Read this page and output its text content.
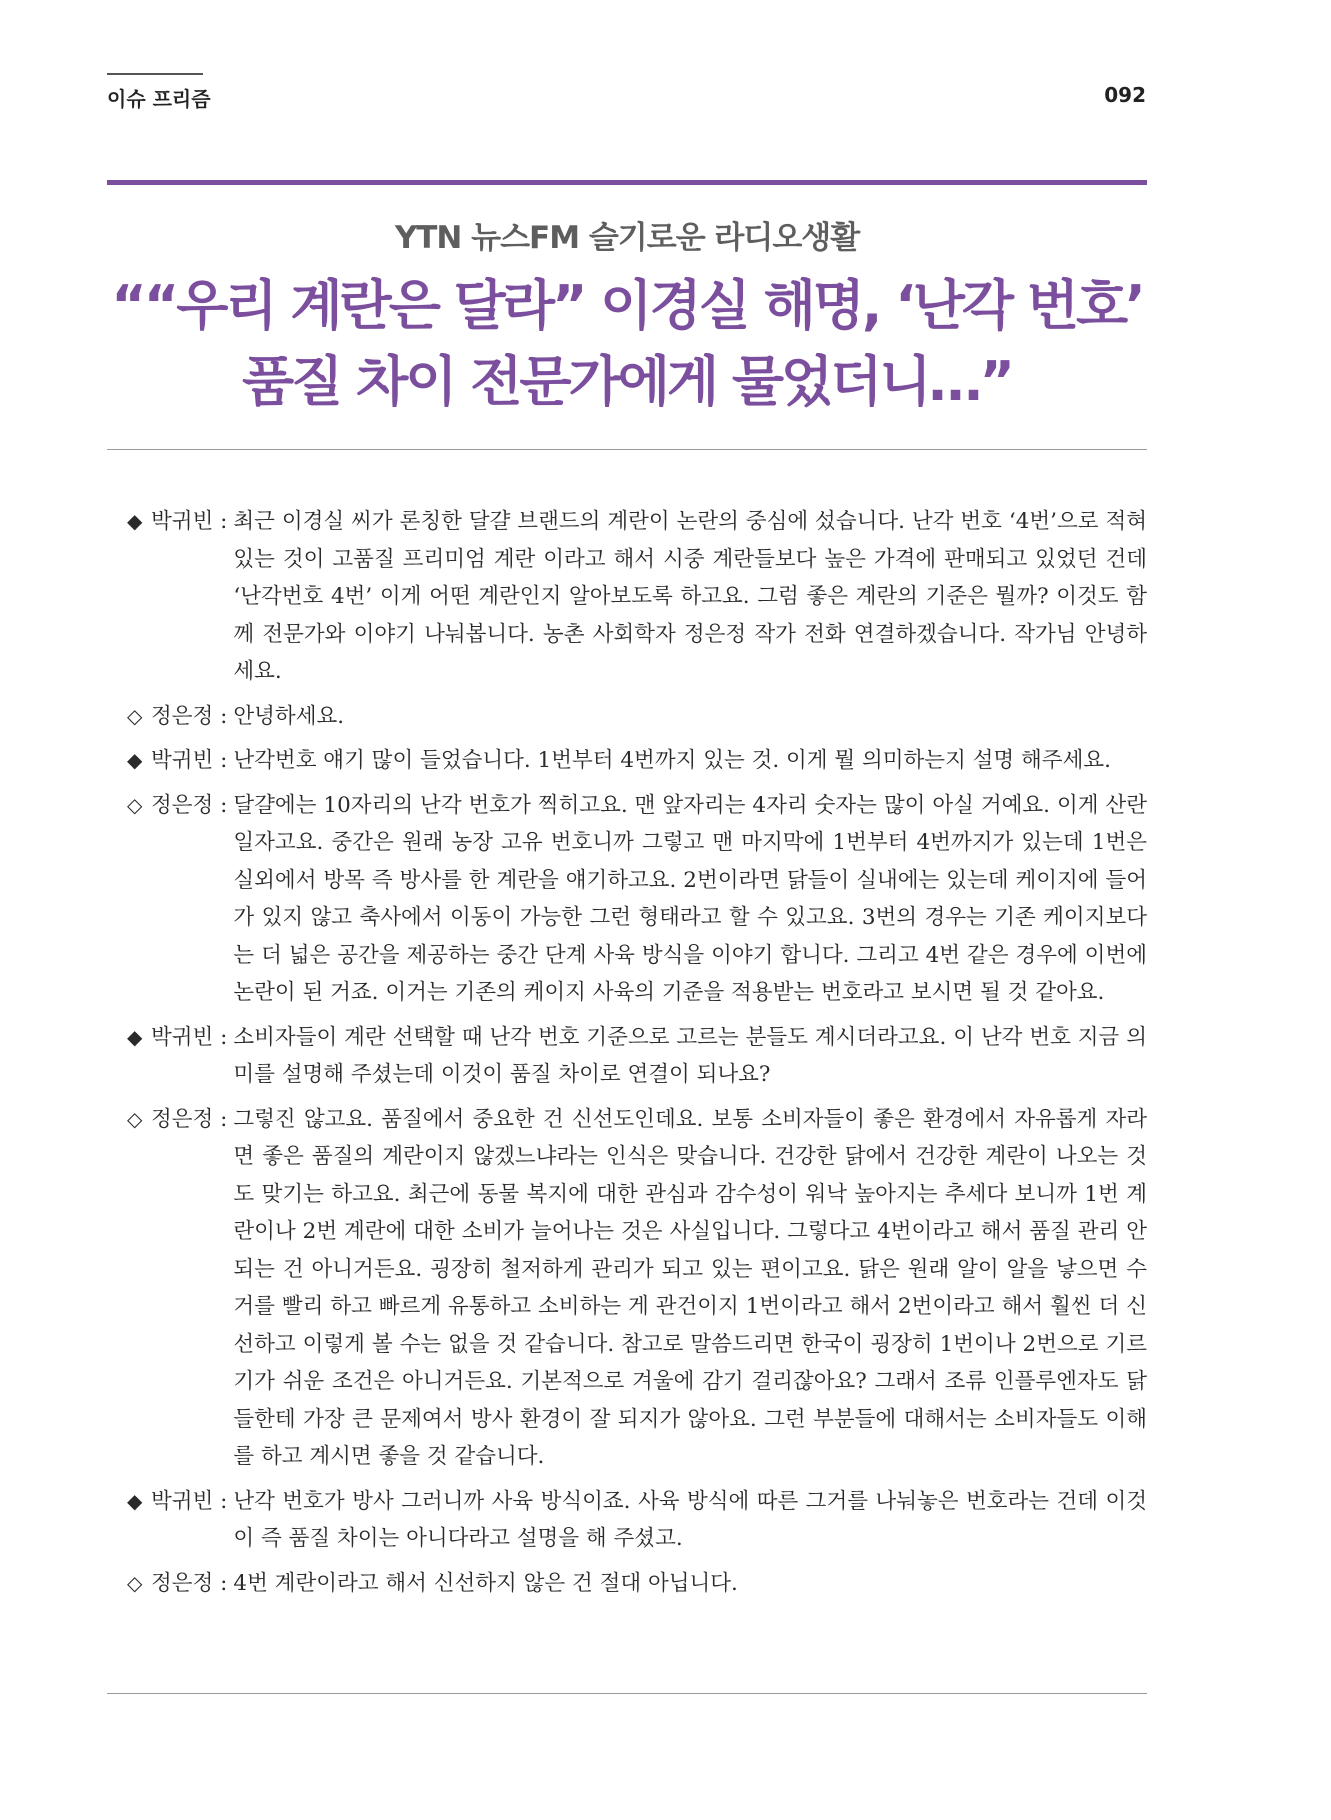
이슈 프리즘	092
YTN 뉴스FM 슬기로운 라디오생활
““우리 계란은 달라” 이경실 해명, ‘난각 번호’
품질 차이 전문가에게 물었더니…”
◆ 박귀빈 : 최근 이경실 씨가 론칭한 달걀 브랜드의 계란이 논란의 중심에 섰습니다. 난각 번호 ‘4번’으로 적혀 있는 것이 고품질 프리미엄 계란 이라고 해서 시중 계란들보다 높은 가격에 판매되고 있었던 건데 ‘난각번호 4번’ 이게 어떤 계란인지 알아보도록 하고요. 그럼 좋은 계란의 기준은 뭘까? 이것도 함께 전문가와 이야기 나눠봅니다. 농촌 사회학자 정은정 작가 전화 연결하겠습니다. 작가님 안녕하세요.
◇ 정은정 : 안녕하세요.
◆ 박귀빈 : 난각번호 얘기 많이 들었습니다. 1번부터 4번까지 있는 것. 이게 뭘 의미하는지 설명 해주세요.
◇ 정은정 : 달걀에는 10자리의 난각 번호가 찍히고요. 맨 앞자리는 4자리 숫자는 많이 아실 거예요. 이게 산란 일자고요. 중간은 원래 농장 고유 번호니까 그렇고 맨 마지막에 1번부터 4번까지가 있는데 1번은 실외에서 방목 즉 방사를 한 계란을 얘기하고요. 2번이라면 닭들이 실내에는 있는데 케이지에 들어가 있지 않고 축사에서 이동이 가능한 그런 형태라고 할 수 있고요. 3번의 경우는 기존 케이지보다는 더 넓은 공간을 제공하는 중간 단계 사육 방식을 이야기 합니다. 그리고 4번 같은 경우에 이번에 논란이 된 거죠. 이거는 기존의 케이지 사육의 기준을 적용받는 번호라고 보시면 될 것 같아요.
◆ 박귀빈 : 소비자들이 계란 선택할 때 난각 번호 기준으로 고르는 분들도 계시더라고요. 이 난각 번호 지금 의미를 설명해 주셨는데 이것이 품질 차이로 연결이 되나요?
◇ 정은정 : 그렇진 않고요. 품질에서 중요한 건 신선도인데요. 보통 소비자들이 좋은 환경에서 자유롭게 자라면 좋은 품질의 계란이지 않겠느냐라는 인식은 맞습니다. 건강한 닭에서 건강한 계란이 나오는 것도 맞기는 하고요. 최근에 동물 복지에 대한 관심과 감수성이 워낙 높아지는 추세다 보니까 1번 계란이나 2번 계란에 대한 소비가 늘어나는 것은 사실입니다. 그렇다고 4번이라고 해서 품질 관리 안 되는 건 아니거든요. 굉장히 철저하게 관리가 되고 있는 편이고요. 닭은 원래 알이 알을 낳으면 수거를 빨리 하고 빠르게 유통하고 소비하는 게 관건이지 1번이라고 해서 2번이라고 해서 훨씬 더 신선하고 이렇게 볼 수는 없을 것 같습니다. 참고로 말씀드리면 한국이 굉장히 1번이나 2번으로 기르기가 쉬운 조건은 아니거든요. 기본적으로 겨울에 감기 걸리잖아요? 그래서 조류 인플루엔자도 닭들한테 가장 큰 문제여서 방사 환경이 잘 되지가 않아요. 그런 부분들에 대해서는 소비자들도 이해를 하고 계시면 좋을 것 같습니다.
◆ 박귀빈 : 난각 번호가 방사 그러니까 사육 방식이죠. 사육 방식에 따른 그거를 나눠놓은 번호라는 건데 이것이 즉 품질 차이는 아니다라고 설명을 해 주셨고.
◇ 정은정 : 4번 계란이라고 해서 신선하지 않은 건 절대 아닙니다.
